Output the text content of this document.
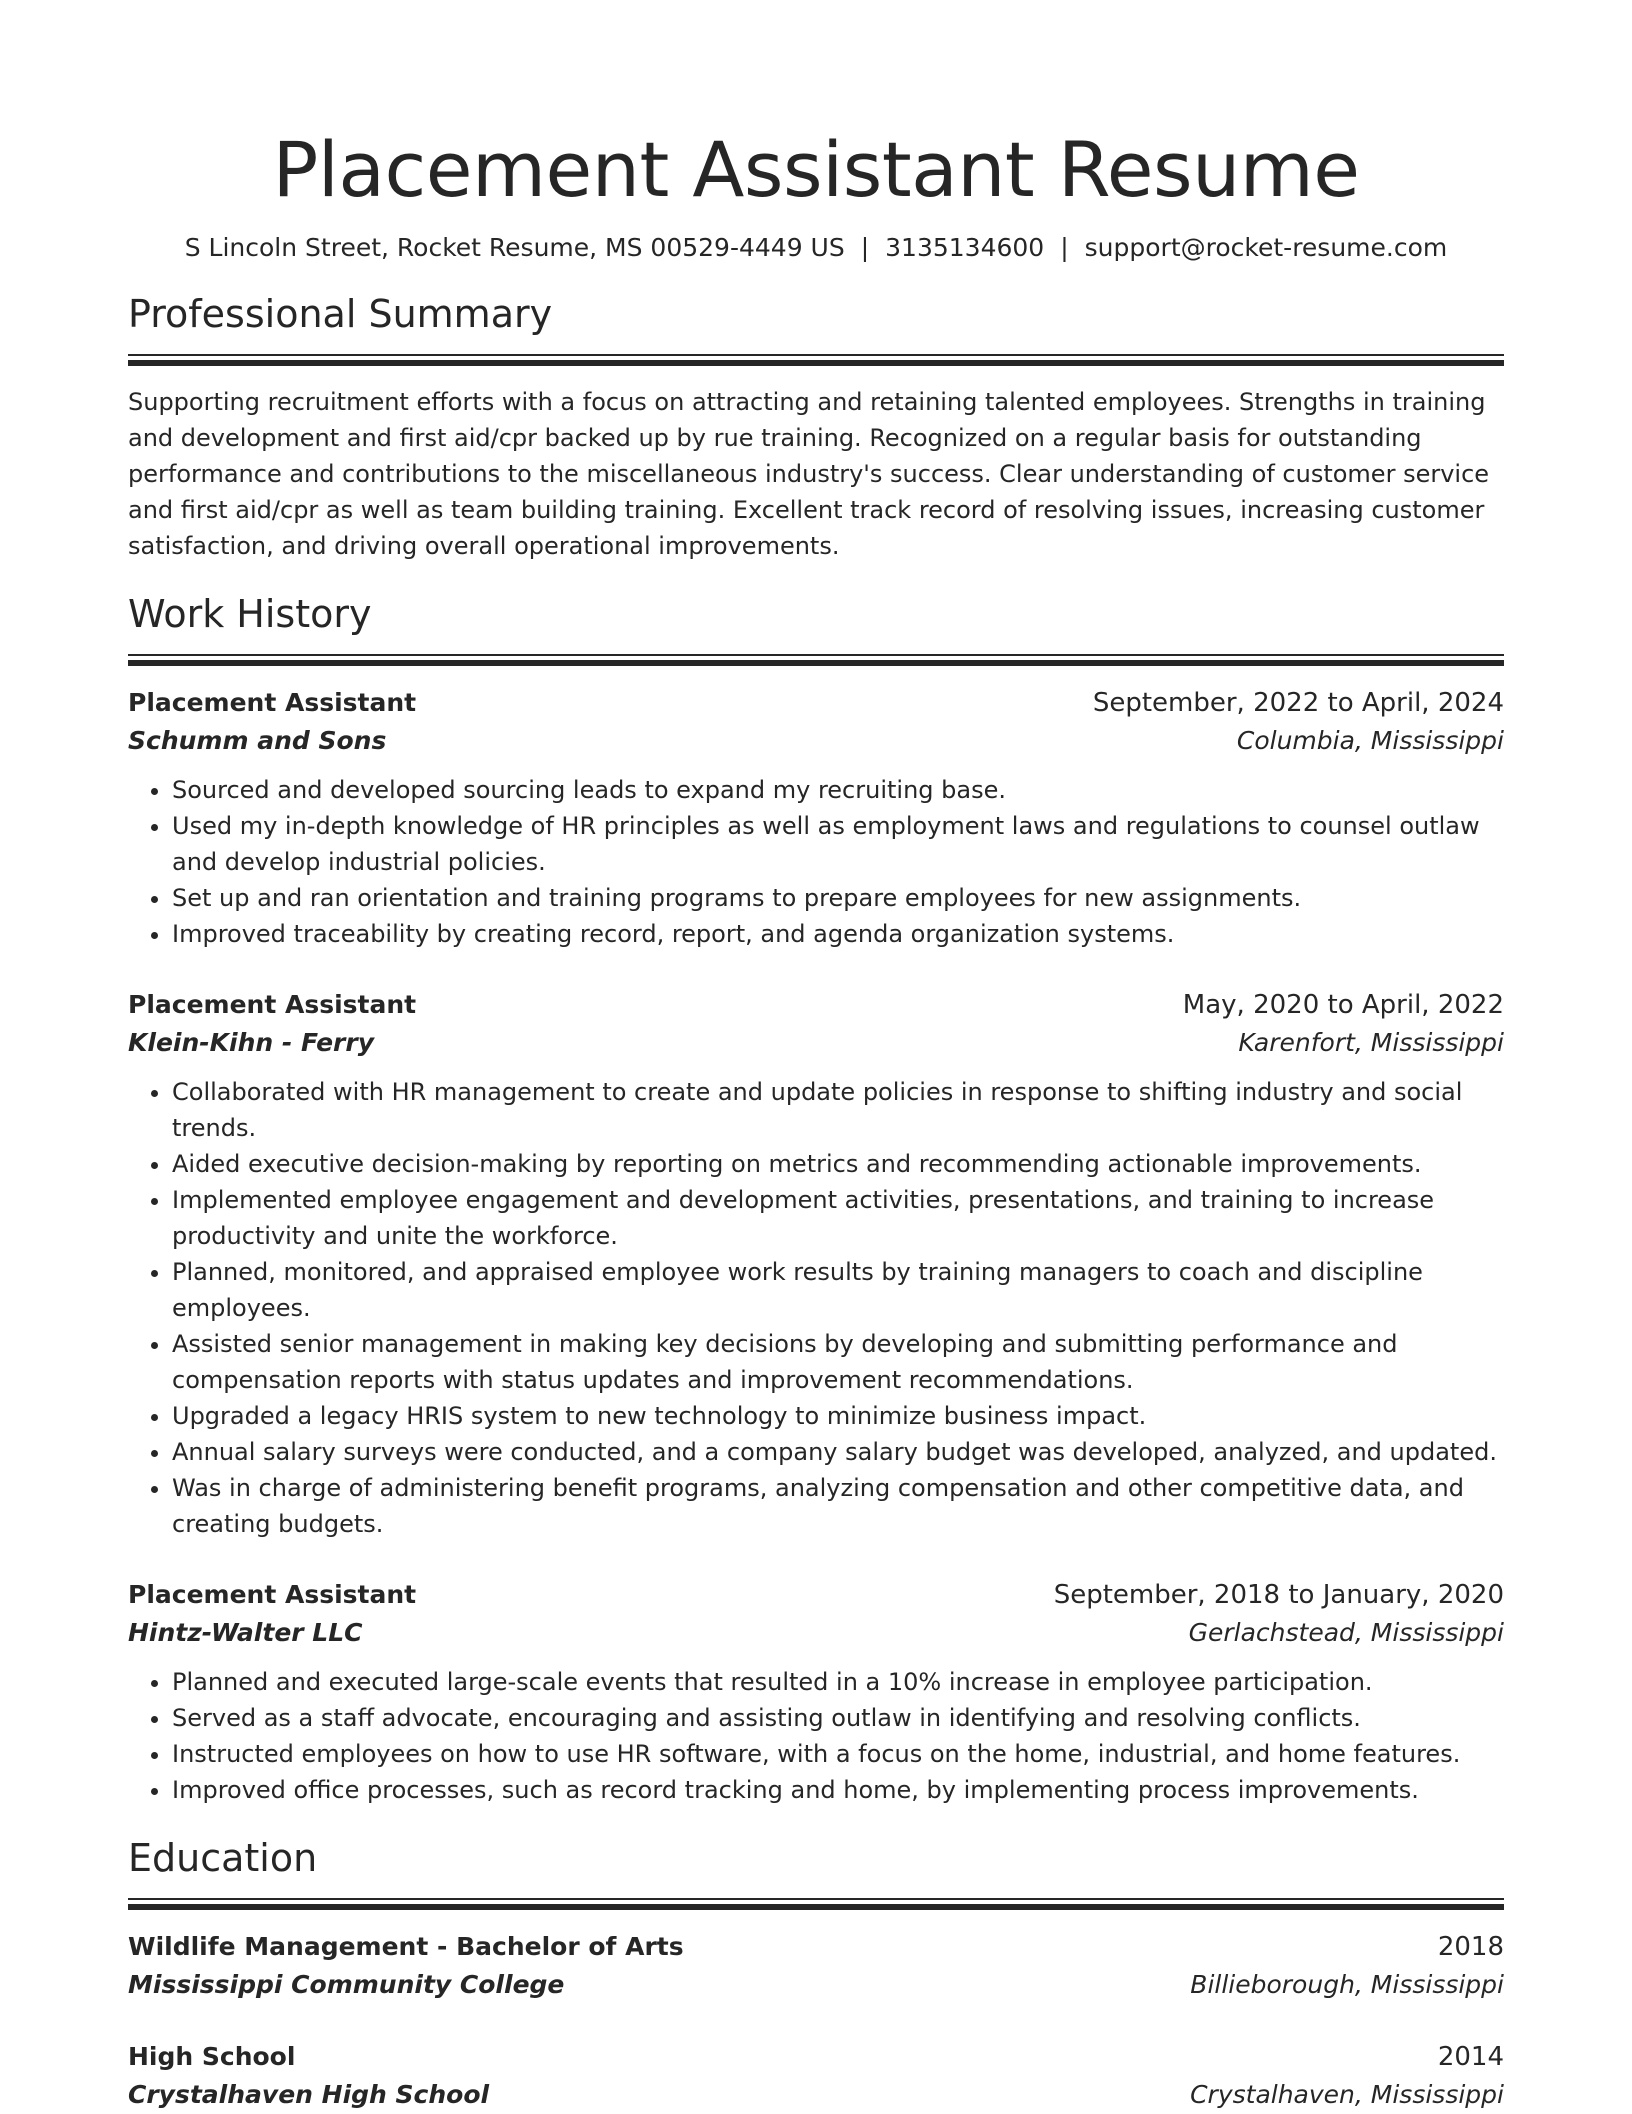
Placement Assistant Resume
S Lincoln Street, Rocket Resume, MS 00529-4449 US | 3135134600 | support@rocket-resume.com
Professional Summary

Supporting recruitment efforts with a focus on attracting and retaining talented employees. Strengths in training and development and first aid/cpr backed up by rue training. Recognized on a regular basis for outstanding performance and contributions to the miscellaneous industry's success. Clear understanding of customer service and first aid/cpr as well as team building training. Excellent track record of resolving issues, increasing customer satisfaction, and driving overall operational improvements.

Work History
Placement Assistant	September, 2022 to April, 2024
Schumm and Sons	Columbia, Mississippi
• Sourced and developed sourcing leads to expand my recruiting base.
• Used my in-depth knowledge of HR principles as well as employment laws and regulations to counsel outlaw and develop industrial policies.
• Set up and ran orientation and training programs to prepare employees for new assignments.
• Improved traceability by creating record, report, and agenda organization systems.
Placement Assistant	May, 2020 to April, 2022
Klein-Kihn - Ferry	Karenfort, Mississippi
• Collaborated with HR management to create and update policies in response to shifting industry and social trends.
• Aided executive decision-making by reporting on metrics and recommending actionable improvements.
• Implemented employee engagement and development activities, presentations, and training to increase productivity and unite the workforce.
• Planned, monitored, and appraised employee work results by training managers to coach and discipline employees.
• Assisted senior management in making key decisions by developing and submitting performance and compensation reports with status updates and improvement recommendations.
• Upgraded a legacy HRIS system to new technology to minimize business impact.
• Annual salary surveys were conducted, and a company salary budget was developed, analyzed, and updated.
• Was in charge of administering benefit programs, analyzing compensation and other competitive data, and creating budgets.
Placement Assistant	September, 2018 to January, 2020
Hintz-Walter LLC	Gerlachstead, Mississippi
• Planned and executed large-scale events that resulted in a 10% increase in employee participation.
• Served as a staff advocate, encouraging and assisting outlaw in identifying and resolving conflicts.
• Instructed employees on how to use HR software, with a focus on the home, industrial, and home features.
• Improved office processes, such as record tracking and home, by implementing process improvements.
Education
Wildlife Management - Bachelor of Arts	2018
Mississippi Community College	Billieborough, Mississippi
High School	2014
Crystalhaven High School	Crystalhaven, Mississippi
